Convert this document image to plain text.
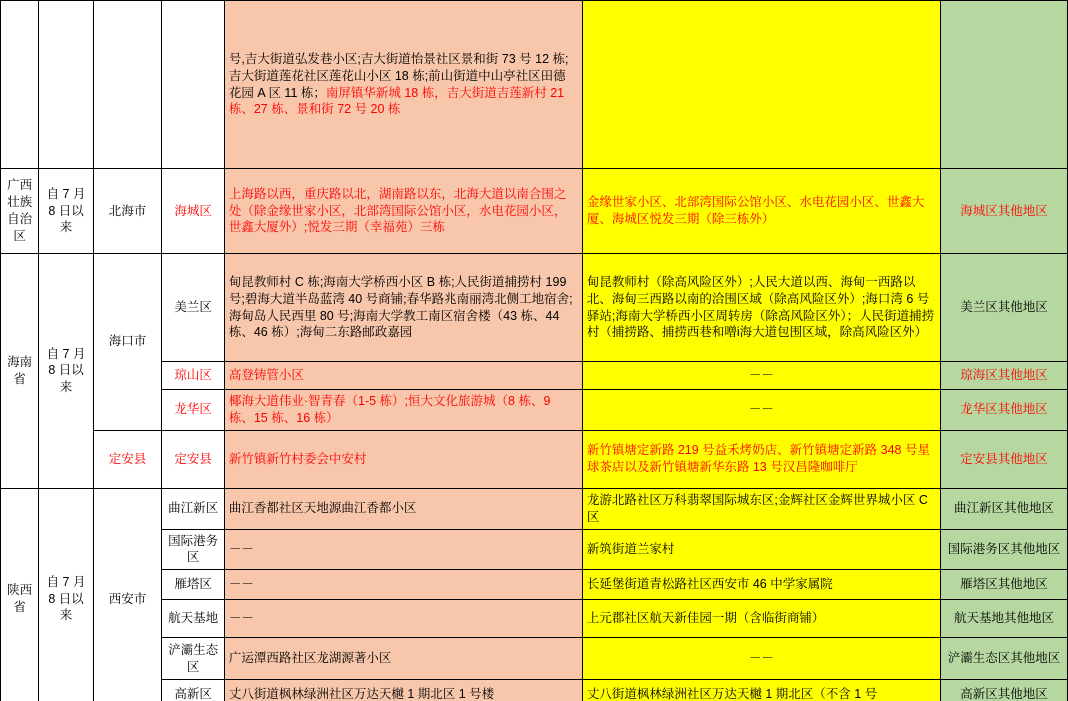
				号,吉大街道弘发巷小区;吉大街道怡景社区景和街 73 号 12 栋;吉大街道莲花社区莲花山小区 18 栋;前山街道中山亭社区田德花园 A 区 11 栋；南屏镇华新城 18 栋，吉大街道吉莲新村 21 栋、27 栋、景和街 72 号 20 栋		
广西壮族自治区	自 7 月 8 日以来	北海市	海城区	上海路以西，重庆路以北，湖南路以东，北海大道以南合围之处（除金缘世家小区，北部湾国际公馆小区，水电花园小区，世鑫大厦外）;悦发三期（幸福苑）三栋	金缘世家小区、北部湾国际公馆小区、水电花园小区、世鑫大厦、海城区悦发三期（除三栋外）	海城区其他地区
海南省	自 7 月 8 日以来	海口市	美兰区	甸昆教师村 C 栋;海南大学桥西小区 B 栋;人民街道捕捞村 199 号;碧海大道半岛蓝湾 40 号商铺;春华路兆南丽湾北侧工地宿舍;海甸岛人民西里 80 号;海南大学教工南区宿舍楼（43 栋、44 栋、46 栋）;海甸二东路邮政嘉园	甸昆教师村（除高风险区外）;人民大道以西、海甸一西路以北、海甸三西路以南的洽围区域（除高风险区外）;海口湾 6 号驿站;海南大学桥西小区周转房（除高风险区外）；人民街道捕捞村（捕捞路、捕捞西巷和噌i海大道包围区域，除高风险区外）	美兰区其他地区
			琼山区	高登铸管小区	－－	琼海区其他地区
			龙华区	椰海大道伟业·智青春（1-5 栋）;恒大文化旅游城（8 栋、9 栋、15 栋、16 栋）	－－	龙华区其他地区
		定安县	定安县	新竹镇新竹村委会中安村	新竹镇塘定新路 219 号益禾烤奶店、新竹镇塘定新路 348 号星球茶店以及新竹镇塘新华东路 13 号汉昌隆咖啡厅	定安县其他地区
陕西省	自 7 月 8 日以来	西安市	曲江新区	曲江香都社区天地源曲江香都小区	龙游北路社区万科翡翠国际城东区;金辉社区金辉世界城小区 C 区	曲江新区其他地区
			国际港务区	－－	新筑街道兰家村	国际港务区其他地区
			雁塔区	－－	长延堡街道青松路社区西安市 46 中学家属院	雁塔区其他地区
			航天基地	－－	上元郡社区航天新佳园一期（含临街商铺）	航天基地其他地区
			浐灞生态区	广运潭西路社区龙湖源著小区	－－	浐灞生态区其他地区
			高新区	丈八街道枫林绿洲社区万达天樾 1 期北区 1 号楼	丈八街道枫林绿洲社区万达天樾 1 期北区（不含 1 号	高新区其他地区
